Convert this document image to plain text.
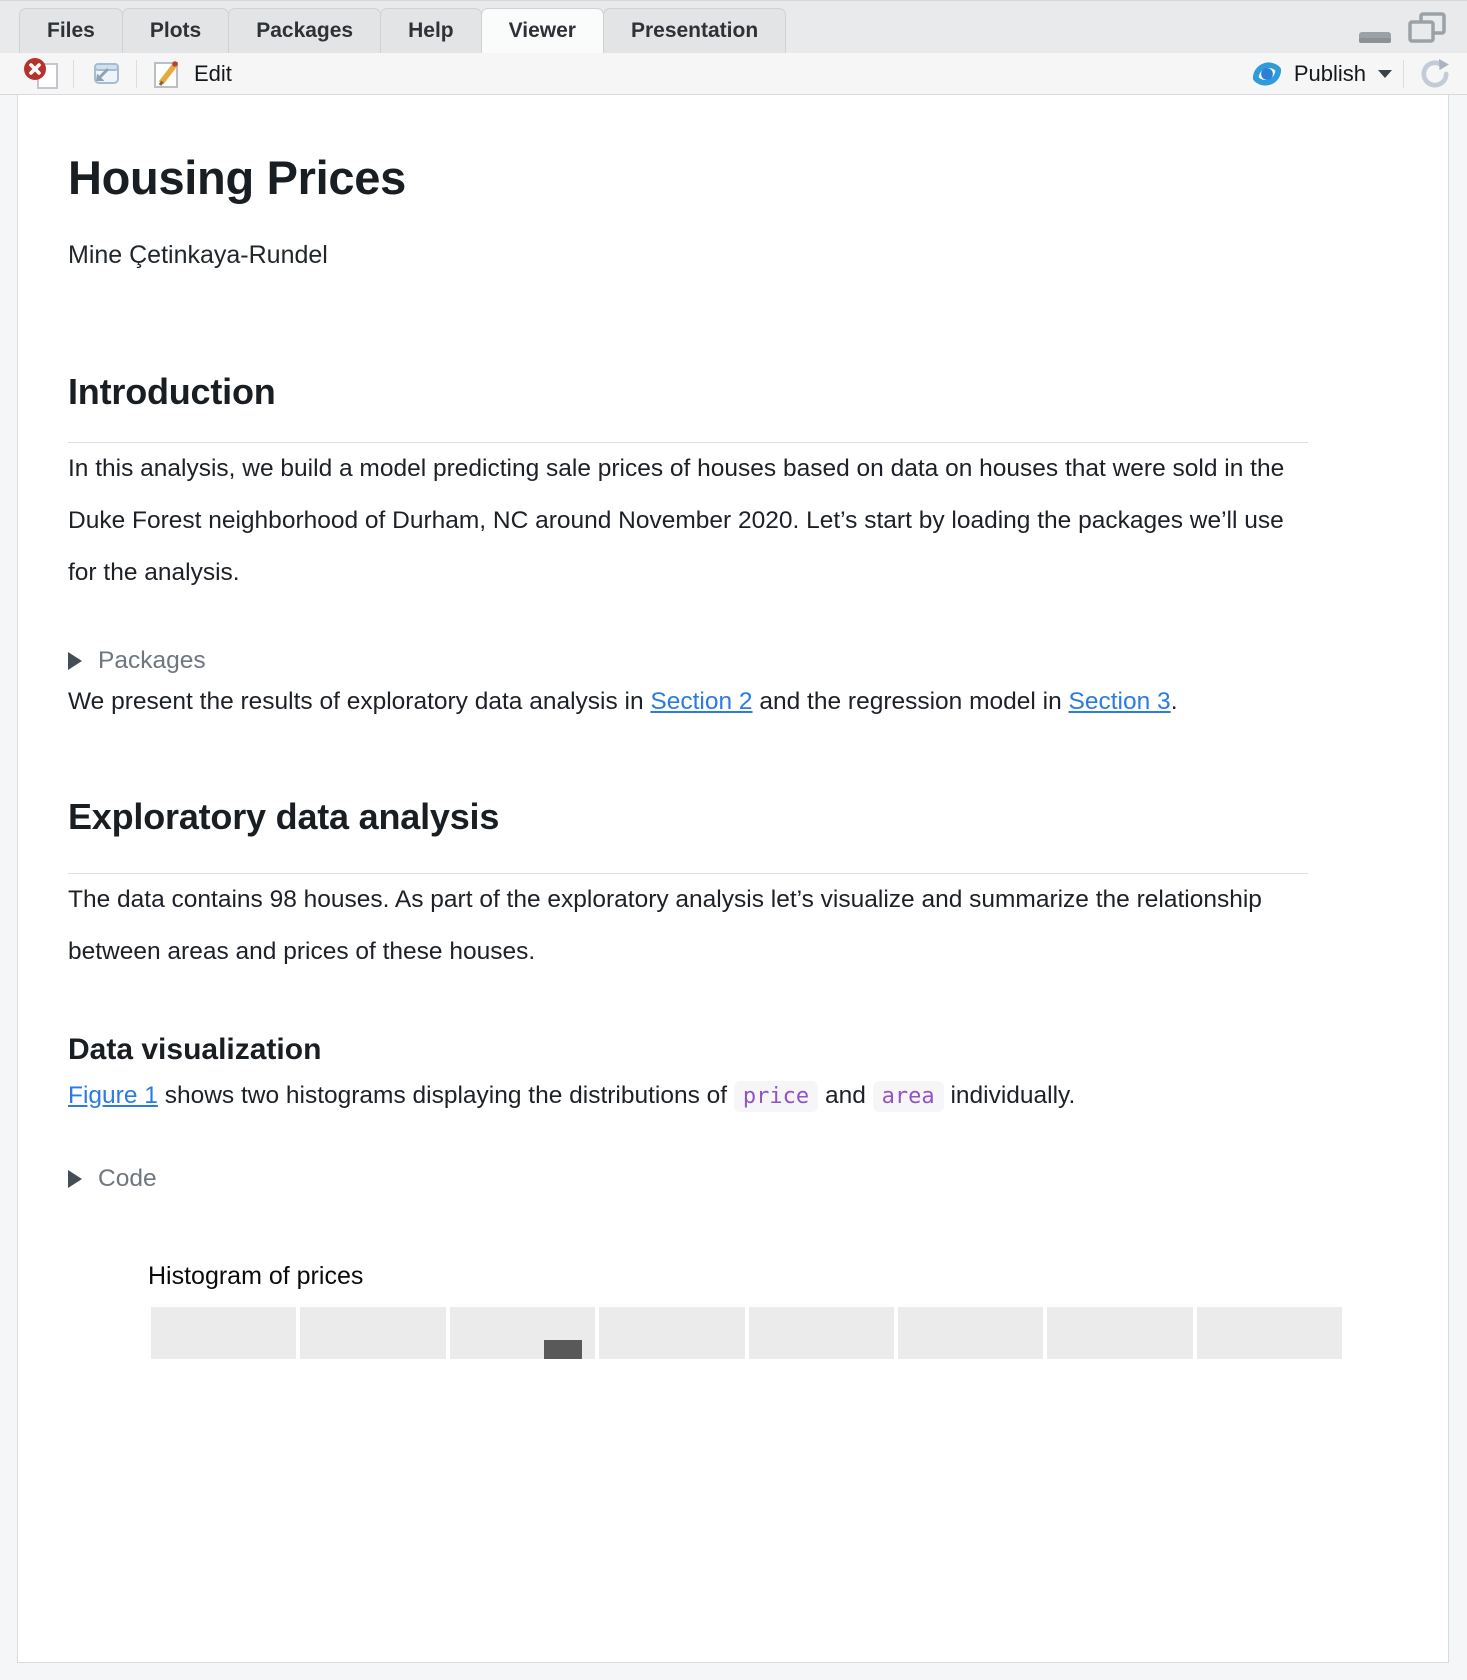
Files	Plots	Packages	Help	Viewer	Presentation
Edit	Publish
Housing Prices
Mine Çetinkaya-Rundel
Introduction

In this analysis, we build a model predicting sale prices of houses based on data on houses that were sold in the Duke Forest neighborhood of Durham, NC around November 2020. Let’s start by loading the packages we’ll use for the analysis.

Packages

We present the results of exploratory data analysis in Section 2 and the regression model in Section 3.

Exploratory data analysis

The data contains 98 houses. As part of the exploratory analysis let’s visualize and summarize the relationship between areas and prices of these houses.

Data visualization

Figure 1 shows two histograms displaying the distributions of price and area individually.

Code
Histogram of prices
